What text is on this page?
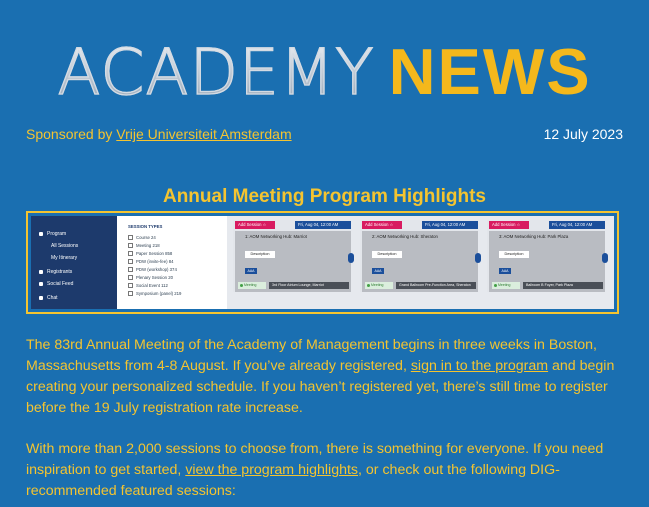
ACADEMY NEWS
Sponsored by Vrije Universiteit Amsterdam	12 July 2023
Annual Meeting Program Highlights
Program
All Sessions
My Itinerary
Registrants
Social Feed
Chat
SESSION TYPES
Course 24
Meeting 218
Paper Session 858
PDW (invite-fee) 84
PDW (workshop) 374
Plenary Session 20
Social Event 112
Symposium (panel) 219
Add Session ☆	Fri, Aug 04, 12:00 AM
1: AOM Networking Hub: Marriot
Description
AAA
Meeting	3rd Floor Atrium Lounge, Marriot
Add Session ☆	Fri, Aug 04, 12:00 AM
2: AOM Networking Hub: Sheraton
Description
AAA
Meeting	Grand Ballroom Pre-Function Area, Sheraton
Add Session ☆	Fri, Aug 04, 12:00 AM
3: AOM Networking Hub: Park Plaza
Description
AAA
Meeting	Ballroom B Foyer, Park Plaza

The 83rd Annual Meeting of the Academy of Management begins in three weeks in Boston, Massachusetts from 4-8 August. If you’ve already registered, sign in to the program and begin creating your personalized schedule. If you haven’t registered yet, there’s still time to register before the 19 July registration rate increase.

With more than 2,000 sessions to choose from, there is something for everyone. If you need inspiration to get started, view the program highlights, or check out the following DIG-recommended featured sessions:
